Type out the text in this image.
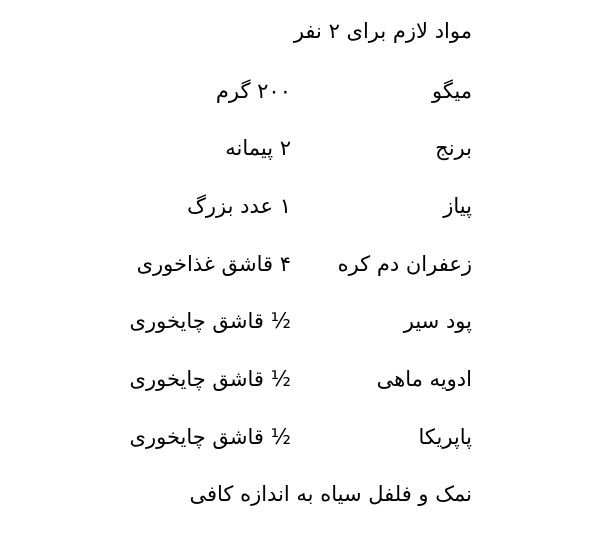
مواد لازم برای ۲ نفر
میگو
۲۰۰ گرم
برنج
۲ پیمانه
پیاز
۱ عدد بزرگ
زعفران دم کره
۴ قاشق غذاخوری
پود سیر
½ قاشق چایخوری
ادویه ماهی
½ قاشق چایخوری
پاپریکا
½ قاشق چایخوری
نمک و فلفل سیاه به اندازه کافی
